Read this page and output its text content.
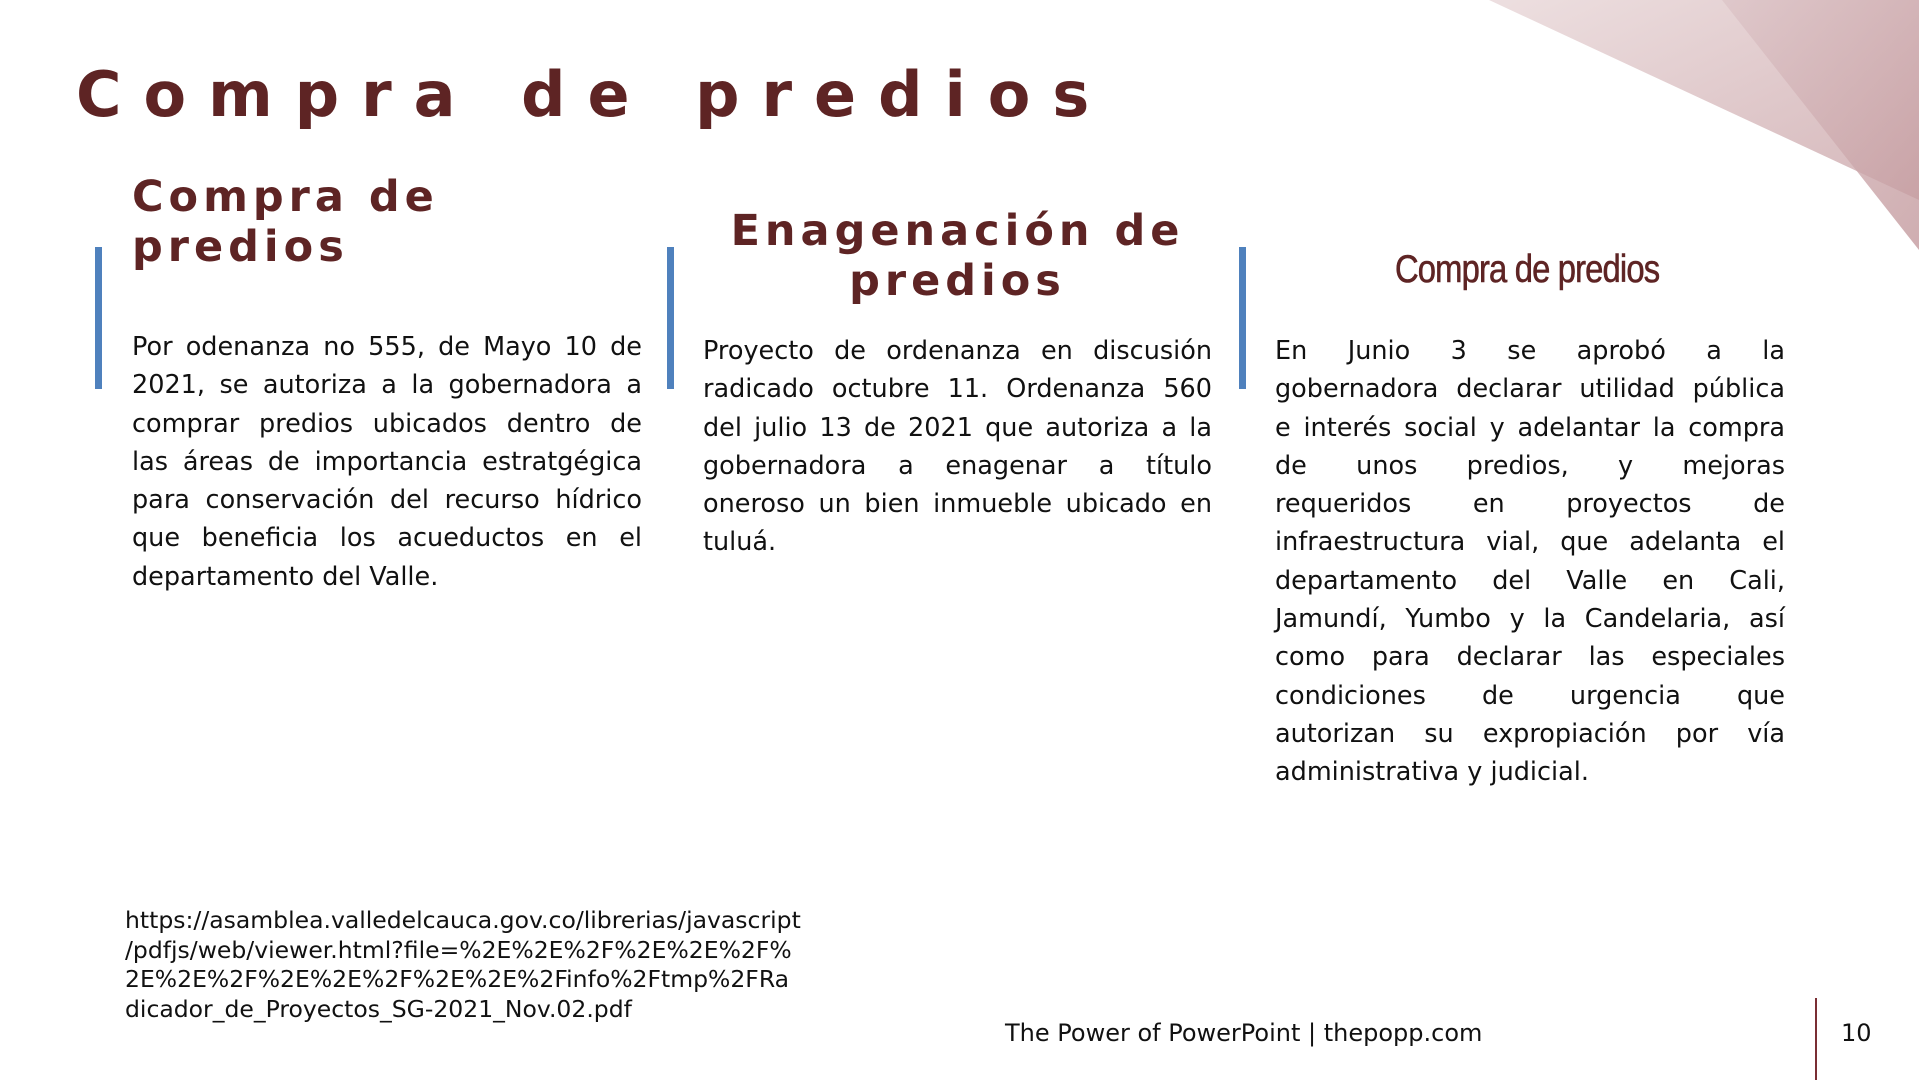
Compra de predios
Compra de
predios
Por odenanza no 555, de Mayo 10 de
2021, se autoriza a la gobernadora a
comprar predios ubicados dentro de
las áreas de importancia estratgégica
para conservación del recurso hídrico
que beneficia los acueductos en el
departamento del Valle.
Enagenación de
predios
Proyecto de ordenanza en discusión
radicado octubre 11. Ordenanza 560
del julio 13 de 2021 que autoriza a la
gobernadora a enagenar a título
oneroso un bien inmueble ubicado en
tuluá.
Compra de predios
En Junio 3 se aprobó a la
gobernadora declarar utilidad pública
e interés social y adelantar la compra
de unos predios, y mejoras
requeridos en proyectos de
infraestructura vial, que adelanta el
departamento del Valle en Cali,
Jamundí, Yumbo y la Candelaria, así
como para declarar las especiales
condiciones de urgencia que
autorizan su expropiación por vía
administrativa y judicial.
https://asamblea.valledelcauca.gov.co/librerias/javascript
/pdfjs/web/viewer.html?file=%2E%2E%2F%2E%2E%2F%
2E%2E%2F%2E%2E%2F%2E%2E%2Finfo%2Ftmp%2FRa
dicador_de_Proyectos_SG-2021_Nov.02.pdf
The Power of PowerPoint | thepopp.com	10
